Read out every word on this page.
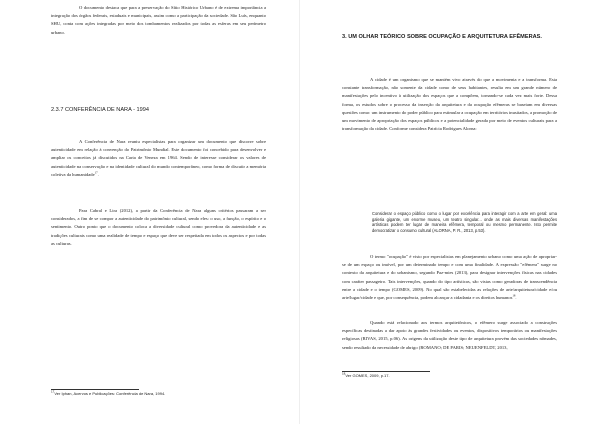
O documento destaca que para a preservação do Sítio Histórico Urbano é de extrema importância a integração dos órgãos federais, estaduais e municipais, assim como a participação da sociedade. São Luís, enquanto SHU, conta com ações integradas por meio dos tombamentos realizados por todas as esferas em seu perímetro urbano.

2.3.7 CONFERÊNCIA DE NARA - 1994

A Conferência de Nara reuniu especialistas para organizar um documento que discorre sobre autenticidade em relação à convenção do Patrimônio Mundial. Este documento foi concebido para desenvolver e ampliar os conceitos já discutidos na Carta de Veneza em 1964. Sendo de interesse considerar os valores de autenticidade na conservação e na identidade cultural do mundo contemporâneo, como forma de discutir a memória coletiva da humanidade$^{17}$.

Para Cabral e Lira (2012), a partir da Conferência de Nara alguns critérios passaram a ser considerados, a fim de se compor a autenticidade do patrimônio cultural, sendo eles: o uso, a função, o espírito e o sentimento. Outro ponto que o documento coloca a diversidade cultural como provedora da autenticidade e as tradições culturais como uma realidade de tempo e espaço que deve ser respeitada em todos os aspectos e por todas as culturas.

$^{17}$Ver Iphan, Acervos e Publicações: Conferência de Nara, 1994.

3. UM OLHAR TEÓRICO SOBRE OCUPAÇÃO E ARQUITETURA EFÊMERAS.

A cidade é um organismo que se mantém vivo através do que a movimenta e a transforma. Esta constante transformação, não somente da cidade como de seus habitantes, resulta em um grande número de manifestações pelo incentivo à utilização dos espaços que a compõem, tornando-se cada vez mais forte. Dessa forma, os estudos sobre o processo da inserção da arquitetura e da ocupação efêmeras se baseiam em diversas questões como: um instrumento do poder público para estimular a ocupação em territórios inusitados, a promoção de um movimento de apropriação dos espaços públicos e a potencialidade gerada por meio de eventos culturais para a transformação da cidade. Conforme considera Patrícia Rodrigues Alorna:

Considerar o espaço público como o lugar por excelência para interagir com a arte em geral: uma galeria gigante, um enorme museu, um teatro singular... onde as mais diversas manifestações artísticas podem ter lugar de maneira efêmera, temporal ou mesmo permanente. Isto permite democratizar o consumo cultural (ALORNA, P. R., 2013, p.53).

O termo "ocupação" é visto por especialistas em planejamento urbano como uma ação de apropriar-se de um espaço ou imóvel, por um determinado tempo e com uma finalidade. A expressão "efêmera" surge no contexto da arquitetura e do urbanismo, segundo Paz-mies (2013), para designar intervenções físicas nas cidades com caráter passageiro. Tais intervenções, quando do tipo artísticas, são vistas como geradoras de transcendência entre a cidade e o tempo (GOMES, 2009). No qual são estabelecidas as relações de arte/arquitetura/cidade e/ou arte/lugar/cidade e que, por consequência, podem alcançar a cidadania e os direitos humanos$^{18}$.

Quando está relacionado aos termos arquitetônicos, o efêmero surge associado a construções específicas destinadas a dar apoio às grandes festividades ou eventos, dispositivos temporários ou manifestações religiosas (RIVAS, 2015, p.06). As origens da utilização deste tipo de arquitetura provém das sociedades nômades, sendo resultado da necessidade de abrigo (ROMANO; DE PARIS; NEUENFELDT, 2013,

$^{18}$Ver GOMES, 2009, p.17.
